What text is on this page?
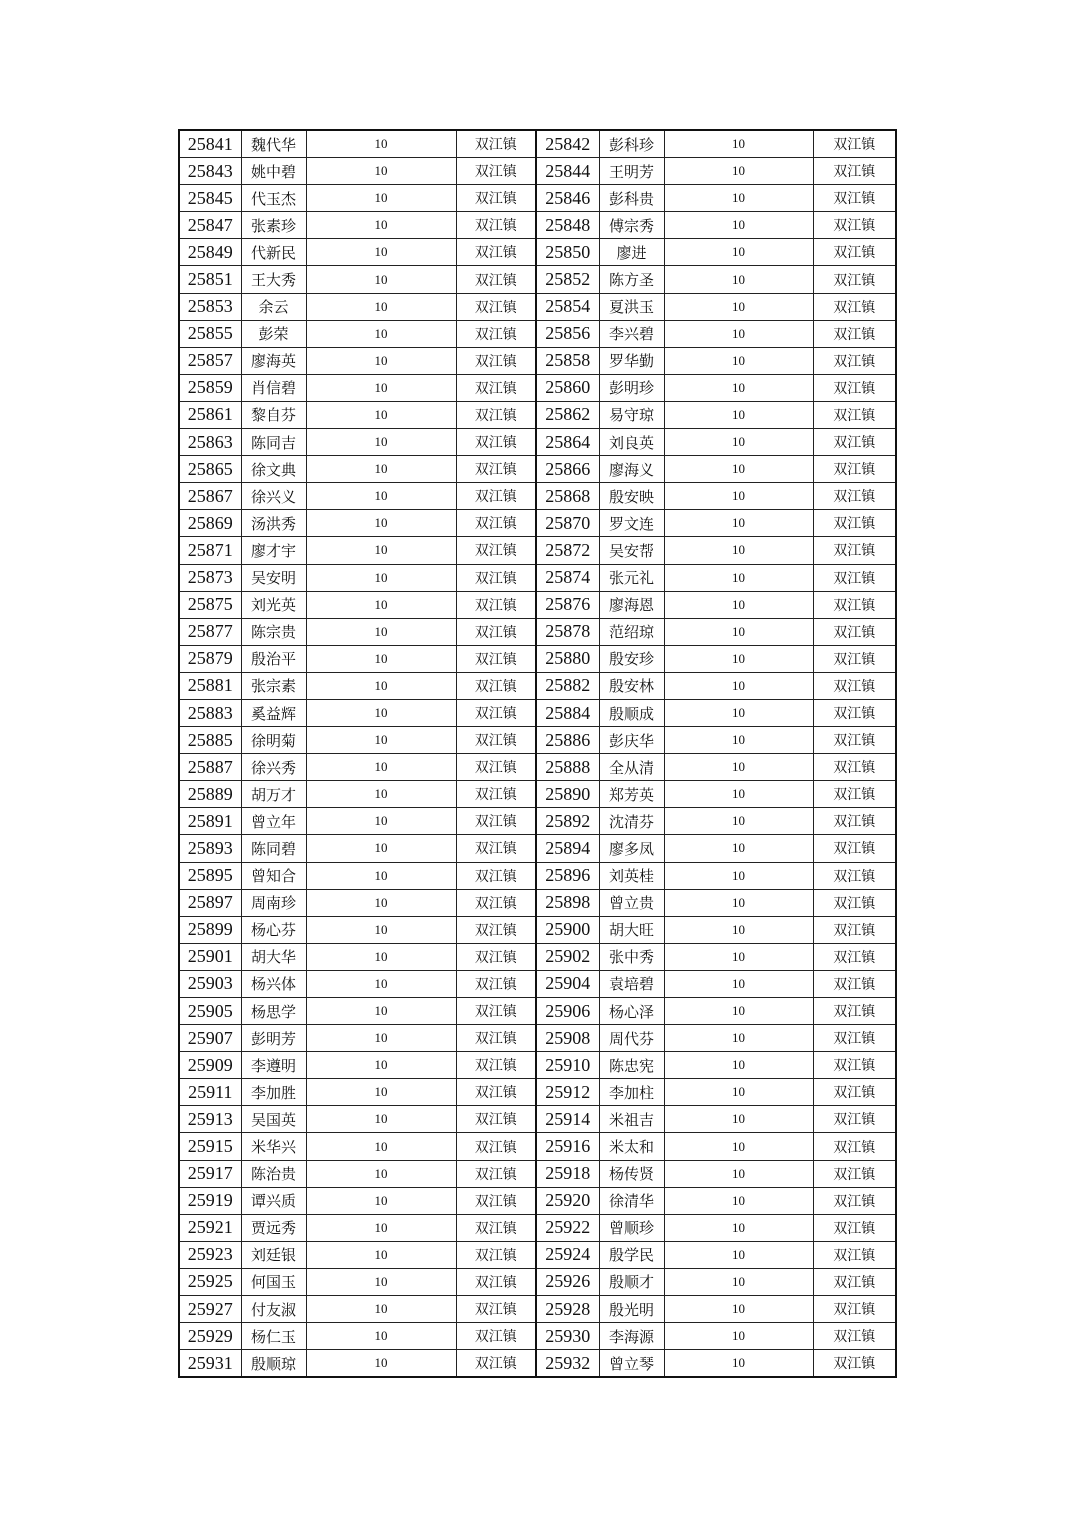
25841	魏代华	10	双江镇	25842	彭科珍	10	双江镇
25843	姚中碧	10	双江镇	25844	王明芳	10	双江镇
25845	代玉杰	10	双江镇	25846	彭科贵	10	双江镇
25847	张素珍	10	双江镇	25848	傅宗秀	10	双江镇
25849	代新民	10	双江镇	25850	廖进	10	双江镇
25851	王大秀	10	双江镇	25852	陈方圣	10	双江镇
25853	余云	10	双江镇	25854	夏洪玉	10	双江镇
25855	彭荣	10	双江镇	25856	李兴碧	10	双江镇
25857	廖海英	10	双江镇	25858	罗华勤	10	双江镇
25859	肖信碧	10	双江镇	25860	彭明珍	10	双江镇
25861	黎自芬	10	双江镇	25862	易守琼	10	双江镇
25863	陈同吉	10	双江镇	25864	刘良英	10	双江镇
25865	徐文典	10	双江镇	25866	廖海义	10	双江镇
25867	徐兴义	10	双江镇	25868	殷安映	10	双江镇
25869	汤洪秀	10	双江镇	25870	罗文连	10	双江镇
25871	廖才宇	10	双江镇	25872	吴安帮	10	双江镇
25873	吴安明	10	双江镇	25874	张元礼	10	双江镇
25875	刘光英	10	双江镇	25876	廖海恩	10	双江镇
25877	陈宗贵	10	双江镇	25878	范绍琼	10	双江镇
25879	殷治平	10	双江镇	25880	殷安珍	10	双江镇
25881	张宗素	10	双江镇	25882	殷安林	10	双江镇
25883	奚益辉	10	双江镇	25884	殷顺成	10	双江镇
25885	徐明菊	10	双江镇	25886	彭庆华	10	双江镇
25887	徐兴秀	10	双江镇	25888	全从清	10	双江镇
25889	胡万才	10	双江镇	25890	郑芳英	10	双江镇
25891	曾立年	10	双江镇	25892	沈清芬	10	双江镇
25893	陈同碧	10	双江镇	25894	廖多凤	10	双江镇
25895	曾知合	10	双江镇	25896	刘英桂	10	双江镇
25897	周南珍	10	双江镇	25898	曾立贵	10	双江镇
25899	杨心芬	10	双江镇	25900	胡大旺	10	双江镇
25901	胡大华	10	双江镇	25902	张中秀	10	双江镇
25903	杨兴体	10	双江镇	25904	袁培碧	10	双江镇
25905	杨思学	10	双江镇	25906	杨心泽	10	双江镇
25907	彭明芳	10	双江镇	25908	周代芬	10	双江镇
25909	李遵明	10	双江镇	25910	陈忠宪	10	双江镇
25911	李加胜	10	双江镇	25912	李加柱	10	双江镇
25913	吴国英	10	双江镇	25914	米祖吉	10	双江镇
25915	米华兴	10	双江镇	25916	米太和	10	双江镇
25917	陈治贵	10	双江镇	25918	杨传贤	10	双江镇
25919	谭兴质	10	双江镇	25920	徐清华	10	双江镇
25921	贾远秀	10	双江镇	25922	曾顺珍	10	双江镇
25923	刘廷银	10	双江镇	25924	殷学民	10	双江镇
25925	何国玉	10	双江镇	25926	殷顺才	10	双江镇
25927	付友淑	10	双江镇	25928	殷光明	10	双江镇
25929	杨仁玉	10	双江镇	25930	李海源	10	双江镇
25931	殷顺琼	10	双江镇	25932	曾立琴	10	双江镇
